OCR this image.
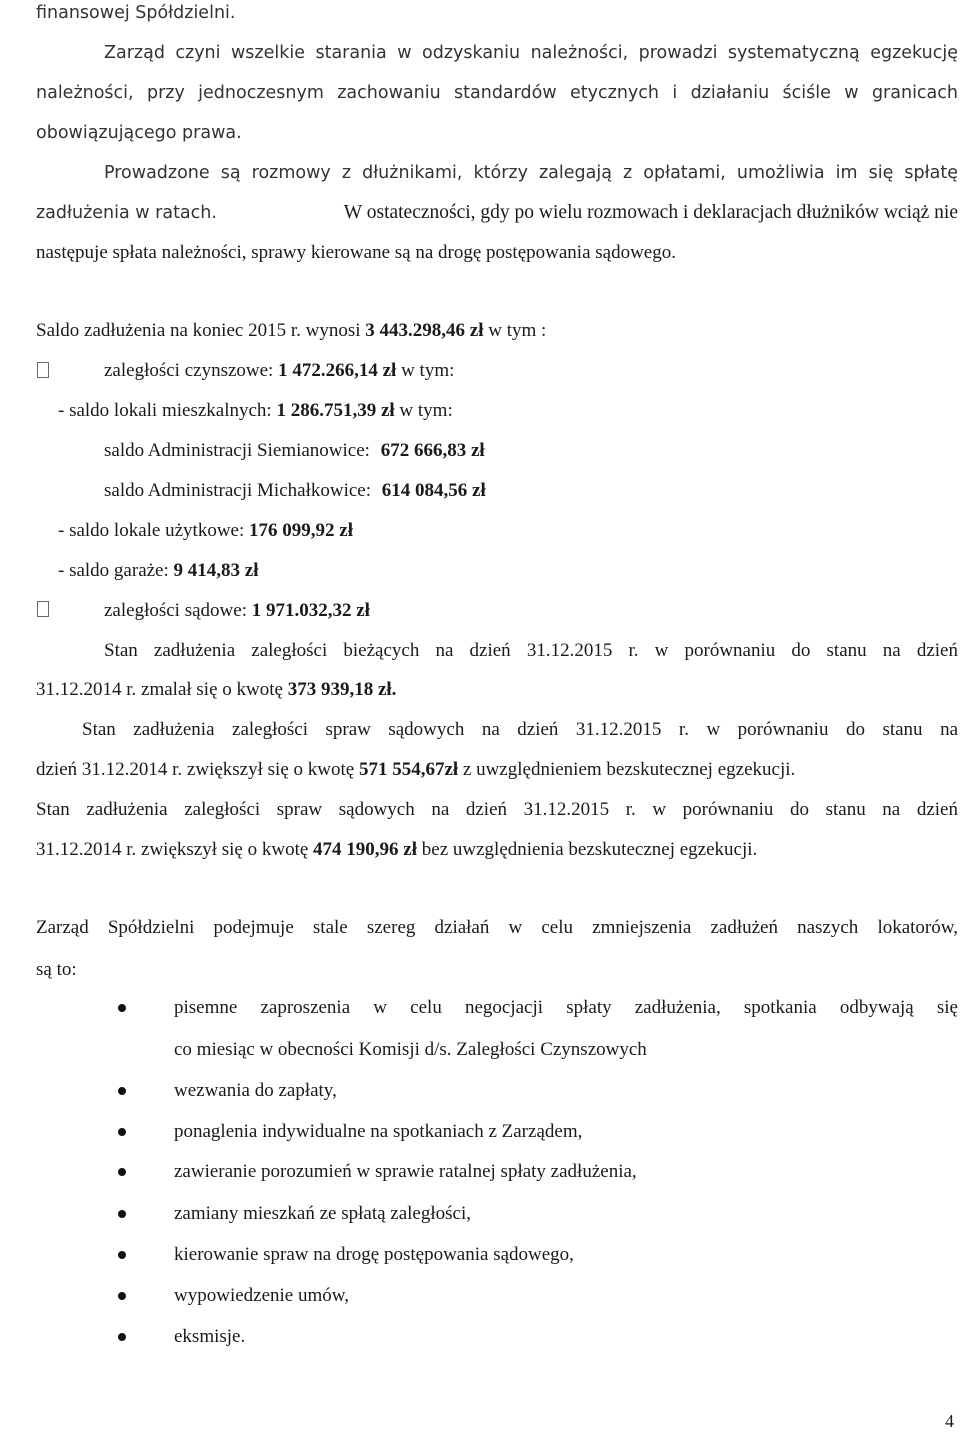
finansowej Spółdzielni.
Zarząd czyni wszelkie starania w odzyskaniu należności, prowadzi systematyczną egzekucję
należności, przy jednoczesnym zachowaniu standardów etycznych i działaniu ściśle w granicach
obowiązującego prawa.
Prowadzone są rozmowy z dłużnikami, którzy zalegają z opłatami, umożliwia im się spłatę
zadłużenia w ratach.	W ostateczności, gdy po wielu rozmowach i deklaracjach dłużników wciąż nie
następuje spłata należności, sprawy kierowane są na drogę postępowania sądowego.
Saldo zadłużenia na koniec 2015 r. wynosi 3 443.298,46 zł w tym :
zaległości czynszowe: 1 472.266,14 zł w tym:
- saldo lokali mieszkalnych: 1 286.751,39 zł w tym:
saldo Administracji Siemianowice: 672 666,83 zł
saldo Administracji Michałkowice: 614 084,56 zł
- saldo lokale użytkowe: 176 099,92 zł
- saldo garaże: 9 414,83 zł
zaległości sądowe: 1 971.032,32 zł
Stan zadłużenia zaległości bieżących na dzień 31.12.2015 r. w porównaniu do stanu na dzień
31.12.2014 r. zmalał się o kwotę 373 939,18 zł.
Stan zadłużenia zaległości spraw sądowych na dzień 31.12.2015 r. w porównaniu do stanu na
dzień 31.12.2014 r. zwiększył się o kwotę 571 554,67zł z uwzględnieniem bezskutecznej egzekucji.
Stan zadłużenia zaległości spraw sądowych na dzień 31.12.2015 r. w porównaniu do stanu na dzień
31.12.2014 r. zwiększył się o kwotę 474 190,96 zł bez uwzględnienia bezskutecznej egzekucji.
Zarząd Spółdzielni podejmuje stale szereg działań w celu zmniejszenia zadłużeń naszych lokatorów,
są to:
pisemne zaproszenia w celu negocjacji spłaty zadłużenia, spotkania odbywają się
co miesiąc w obecności Komisji d/s. Zaległości Czynszowych
wezwania do zapłaty,
ponaglenia indywidualne na spotkaniach z Zarządem,
zawieranie porozumień w sprawie ratalnej spłaty zadłużenia,
zamiany mieszkań ze spłatą zaległości,
kierowanie spraw na drogę postępowania sądowego,
wypowiedzenie umów,
eksmisje.
4
